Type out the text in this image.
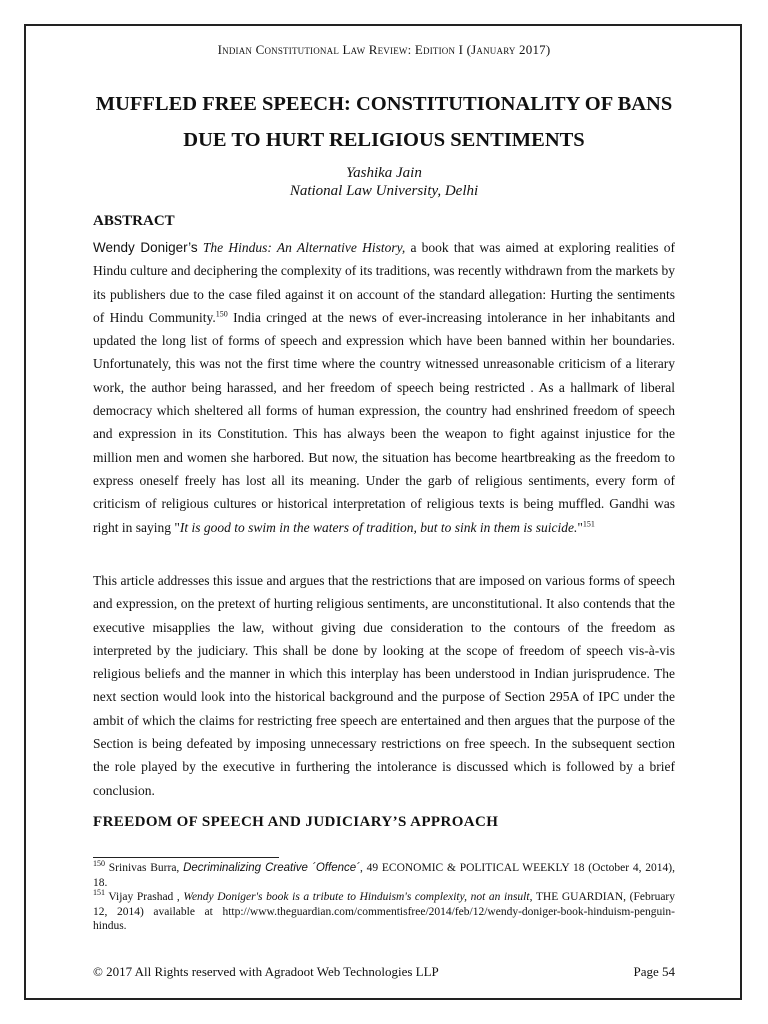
Indian Constitutional Law Review: Edition I (January 2017)
MUFFLED FREE SPEECH: CONSTITUTIONALITY OF BANS
DUE TO HURT RELIGIOUS SENTIMENTS
Yashika Jain
National Law University, Delhi
ABSTRACT

Wendy Doniger’s The Hindus: An Alternative History, a book that was aimed at exploring realities of Hindu culture and deciphering the complexity of its traditions, was recently withdrawn from the markets by its publishers due to the case filed against it on account of the standard allegation: Hurting the sentiments of Hindu Community.$^{150}$ India cringed at the news of ever-increasing intolerance in her inhabitants and updated the long list of forms of speech and expression which have been banned within her boundaries. Unfortunately, this was not the first time where the country witnessed unreasonable criticism of a literary work, the author being harassed, and her freedom of speech being restricted . As a hallmark of liberal democracy which sheltered all forms of human expression, the country had enshrined freedom of speech and expression in its Constitution. This has always been the weapon to fight against injustice for the million men and women she harbored. But now, the situation has become heartbreaking as the freedom to express oneself freely has lost all its meaning. Under the garb of religious sentiments, every form of criticism of religious cultures or historical interpretation of religious texts is being muffled. Gandhi was right in saying "It is good to swim in the waters of tradition, but to sink in them is suicide."$^{151}$

This article addresses this issue and argues that the restrictions that are imposed on various forms of speech and expression, on the pretext of hurting religious sentiments, are unconstitutional. It also contends that the executive misapplies the law, without giving due consideration to the contours of the freedom as interpreted by the judiciary. This shall be done by looking at the scope of freedom of speech vis-à-vis religious beliefs and the manner in which this interplay has been understood in Indian jurisprudence. The next section would look into the historical background and the purpose of Section 295A of IPC under the ambit of which the claims for restricting free speech are entertained and then argues that the purpose of the Section is being defeated by imposing unnecessary restrictions on free speech. In the subsequent section the role played by the executive in furthering the intolerance is discussed which is followed by a brief conclusion.

FREEDOM OF SPEECH AND JUDICIARY’S APPROACH

$^{150}$ Srinivas Burra, Decriminalizing Creative ´Offence´, 49 ECONOMIC & POLITICAL WEEKLY 18 (October 4, 2014), 18.

$^{151}$ Vijay Prashad , Wendy Doniger's book is a tribute to Hinduism's complexity, not an insult, THE GUARDIAN, (February 12, 2014) available at http://www.theguardian.com/commentisfree/2014/feb/12/wendy-doniger-book-hinduism-penguin-hindus.

© 2017 All Rights reserved with Agradoot Web Technologies LLP	Page 54
